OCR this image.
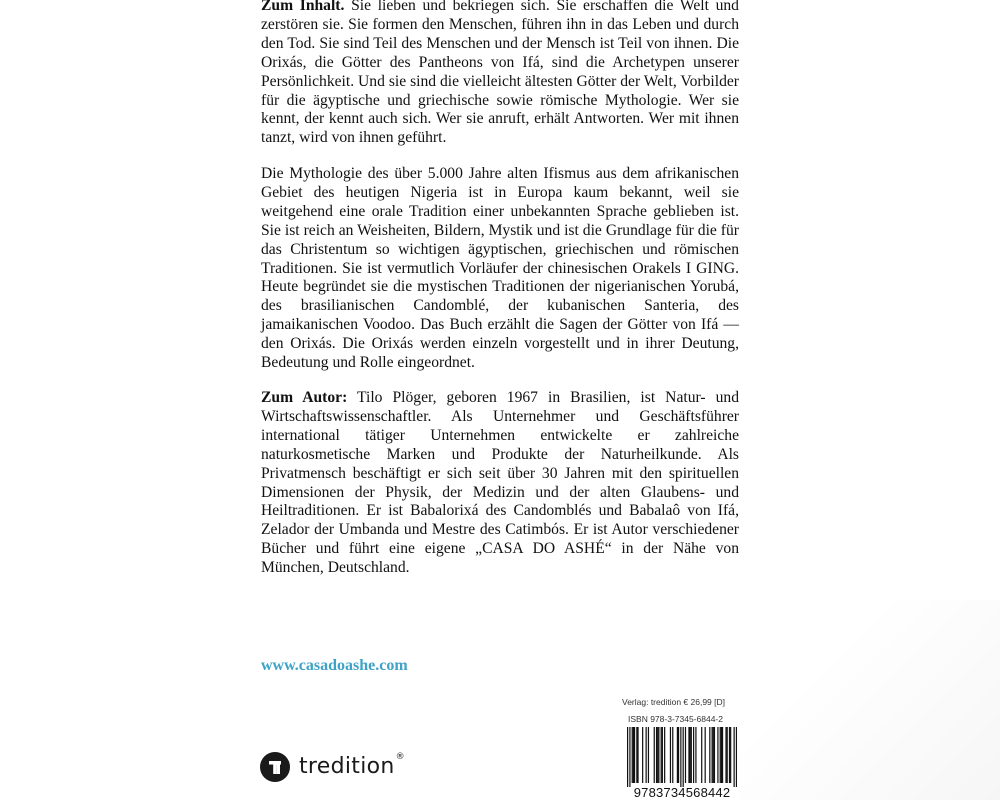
Zum Inhalt. Sie lieben und bekriegen sich. Sie erschaffen die Welt und zerstören sie. Sie formen den Menschen, führen ihn in das Leben und durch den Tod. Sie sind Teil des Menschen und der Mensch ist Teil von ihnen. Die Orixás, die Götter des Pantheons von Ifá, sind die Archetypen unserer Persönlichkeit. Und sie sind die vielleicht ältesten Götter der Welt, Vorbilder für die ägyptische und griechische sowie römische Mythologie. Wer sie kennt, der kennt auch sich. Wer sie anruft, erhält Antworten. Wer mit ihnen tanzt, wird von ihnen geführt.

Die Mythologie des über 5.000 Jahre alten Ifismus aus dem afrikanischen Gebiet des heutigen Nigeria ist in Europa kaum bekannt, weil sie weitgehend eine orale Tradition einer unbekannten Sprache geblieben ist. Sie ist reich an Weisheiten, Bildern, Mystik und ist die Grundlage für die für das Christentum so wichtigen ägyptischen, griechischen und römischen Traditionen. Sie ist vermutlich Vorläufer der chinesischen Orakels I GING. Heute begründet sie die mystischen Traditionen der nigerianischen Yorubá, des brasilianischen Candomblé, der kubanischen Santeria, des jamaikanischen Voodoo. Das Buch erzählt die Sagen der Götter von Ifá — den Orixás. Die Orixás werden einzeln vorgestellt und in ihrer Deutung, Bedeutung und Rolle eingeordnet.

Zum Autor: Tilo Plöger, geboren 1967 in Brasilien, ist Natur- und Wirtschaftswissenschaftler. Als Unternehmer und Geschäftsführer international tätiger Unternehmen entwickelte er zahlreiche naturkosmetische Marken und Produkte der Naturheilkunde. Als Privatmensch beschäftigt er sich seit über 30 Jahren mit den spirituellen Dimensionen der Physik, der Medizin und der alten Glaubens- und Heiltraditionen. Er ist Babalorixá des Candomblés und Babalaô von Ifá, Zelador der Umbanda und Mestre des Catimbós. Er ist Autor verschiedener Bücher und führt eine eigene „CASA DO ASHÉ“ in der Nähe von München, Deutschland.

www.casadoashe.com
tredition®
Verlag: tredition € 26,99 [D]
ISBN 978-3-7345-6844-2
9783734568442
